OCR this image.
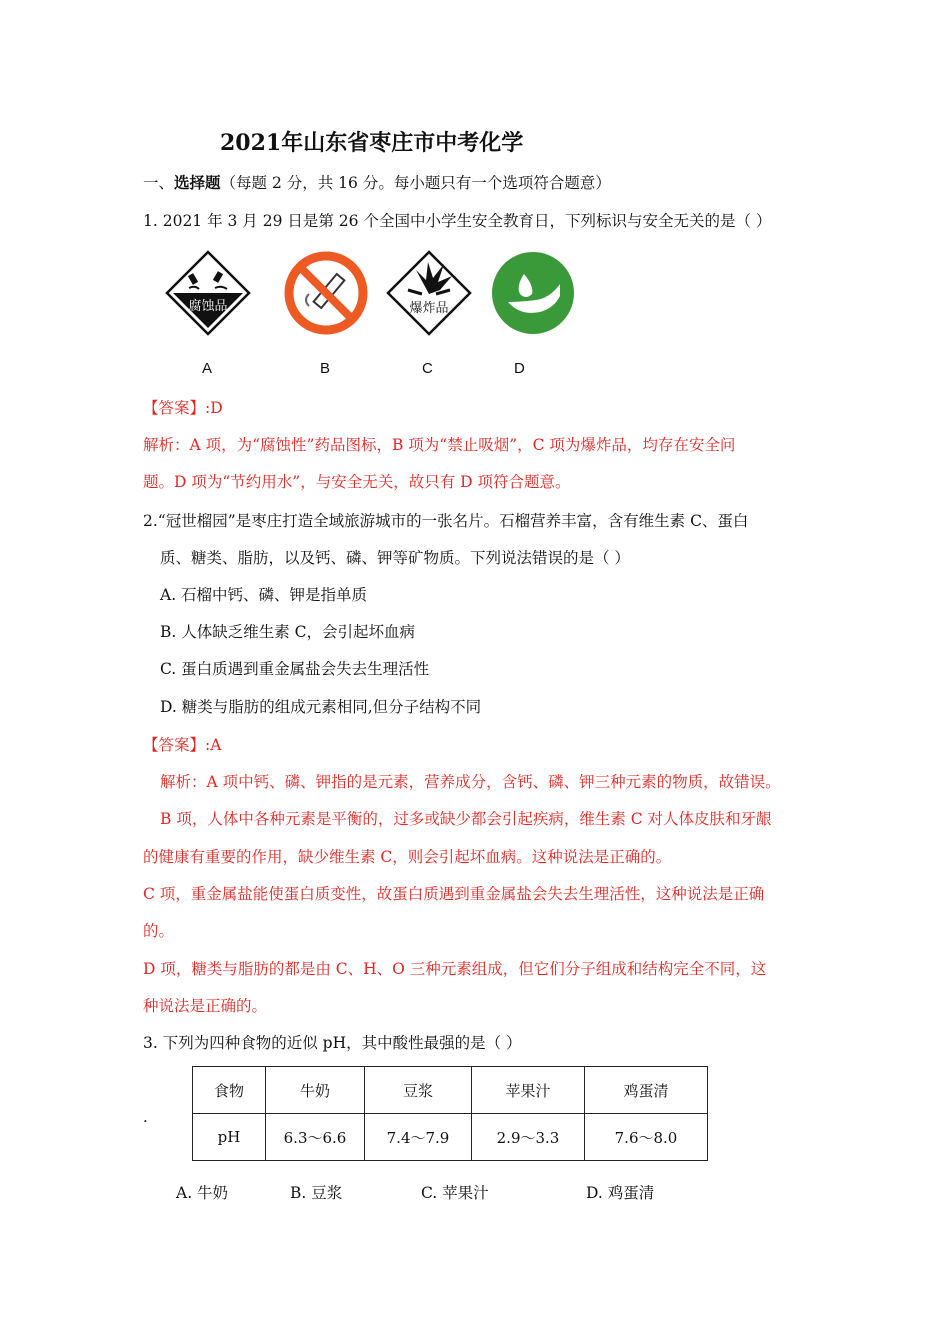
2021年山东省枣庄市中考化学
一、选择题（每题 2 分，共 16 分。每小题只有一个选项符合题意）
1. 2021 年 3 月 29 日是第 26 个全国中小学生安全教育日，下列标识与安全无关的是（ ）
腐蚀品	爆炸品
A	B	C	D
【答案】:D
解析：A 项，为“腐蚀性”药品图标，B 项为“禁止吸烟”，C 项为爆炸品，均存在安全问
题。D 项为“节约用水”，与安全无关，故只有 D 项符合题意。
2.“冠世榴园”是枣庄打造全域旅游城市的一张名片。石榴营养丰富，含有维生素 C、蛋白
质、糖类、脂肪，以及钙、磷、钾等矿物质。下列说法错误的是（ ）
A. 石榴中钙、磷、钾是指单质
B. 人体缺乏维生素 C，会引起坏血病
C. 蛋白质遇到重金属盐会失去生理活性
D. 糖类与脂肪的组成元素相同,但分子结构不同
【答案】:A
解析：A 项中钙、磷、钾指的是元素，营养成分，含钙、磷、钾三种元素的物质，故错误。
B 项，人体中各种元素是平衡的，过多或缺少都会引起疾病，维生素 C 对人体皮肤和牙龈
的健康有重要的作用，缺少维生素 C，则会引起坏血病。这种说法是正确的。
C 项，重金属盐能使蛋白质变性，故蛋白质遇到重金属盐会失去生理活性，这种说法是正确
的。
D 项，糖类与脂肪的都是由 C、H、O 三种元素组成，但它们分子组成和结构完全不同，这
种说法是正确的。
3. 下列为四种食物的近似 pH，其中酸性最强的是（ ）
.
食物	牛奶	豆浆	苹果汁	鸡蛋清
pH	6.3～6.6	7.4～7.9	2.9～3.3	7.6～8.0
A. 牛奶	B. 豆浆	C. 苹果汁	D. 鸡蛋清
